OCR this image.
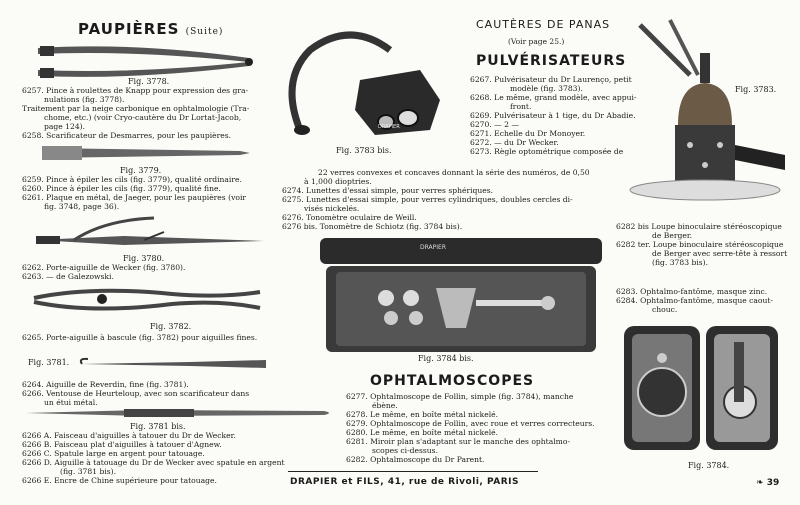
PAUPIÈRES (Suite)
Fig. 3778.
6257. Pince à roulettes de Knapp pour expression des gra-
nulations (fig. 3778).
Traitement par la neige carbonique en ophtalmologie (Tra-
chome, etc.) (voir Cryo-cautère du Dr Lortat-Jacob,
page 124).
6258. Scarificateur de Desmarres, pour les paupières.
Fig. 3779.
6259. Pince à épiler les cils (fig. 3779), qualité ordinaire.
6260. Pince à épiler les cils (fig. 3779), qualité fine.
6261. Plaque en métal, de Jaeger, pour les paupières (voir
fig. 3748, page 36).
Fig. 3780.
6262. Porte-aiguille de Wecker (fig. 3780).
6263. — de Galezowski.
Fig. 3782.
6265. Porte-aiguille à bascule (fig. 3782) pour aiguilles fines.
Fig. 3781.
6264. Aiguille de Reverdin, fine (fig. 3781).
6266. Ventouse de Heurteloup, avec son scarificateur dans
un étui métal.
Fig. 3781 bis.
6266 A. Faisceau d'aiguilles à tatouer du Dr de Wecker.
6266 B. Faisceau plat d'aiguilles à tatouer d'Agnew.
6266 C. Spatule large en argent pour tatouage.
6266 D. Aiguille à tatouage du Dr de Wecker avec spatule en argent
(fig. 3781 bis).
6266 E. Encre de Chine supérieure pour tatouage.
DRAPIER
Fig. 3783 bis.
CAUTÈRES DE PANAS
(Voir page 25.)
PULVÉRISATEURS
6267. Pulvérisateur du Dr Laurenço, petit
modèle (fig. 3783).
6268. Le même, grand modèle, avec appui-
front.
6269. Pulvérisateur à 1 tige, du Dr Abadie.
6270. — 2 —
6271. Echelle du Dr Monoyer.
6272. — du Dr Wecker.
6273. Règle optométrique composée de
Fig. 3783.
22 verres convexes et concaves donnant la série des numéros, de 0,50
à 1,000 dioptries.
6274. Lunettes d'essai simple, pour verres sphériques.
6275. Lunettes d'essai simple, pour verres cylindriques, doubles cercles di-
visés nickelés.
6276. Tonomètre oculaire de Weill.
6276 bis. Tonomètre de Schiotz (fig. 3784 bis).
DRAPIER
Fig. 3784 bis.
6282 bis Loupe binoculaire stéréoscopique
de Berger.
6282 ter. Loupe binoculaire stéréoscopique
de Berger avec serre-tête à ressort
(fig. 3783 bis).
6283. Ophtalmo-fantôme, masque zinc.
6284. Ophtalmo-fantôme, masque caout-
chouc.
OPHTALMOSCOPES
6277. Ophtalmoscope de Follin, simple (fig. 3784), manche
ébène.
6278. Le même, en boîte métal nickelé.
6279. Ophtalmoscope de Follin, avec roue et verres correcteurs.
6280. Le même, en boîte métal nickelé.
6281. Miroir plan s'adaptant sur le manche des ophtalmo-
scopes ci-dessus.
6282. Ophtalmoscope du Dr Parent.
Fig. 3784.
DRAPIER et FILS, 41, rue de Rivoli, PARIS	❧ 39
